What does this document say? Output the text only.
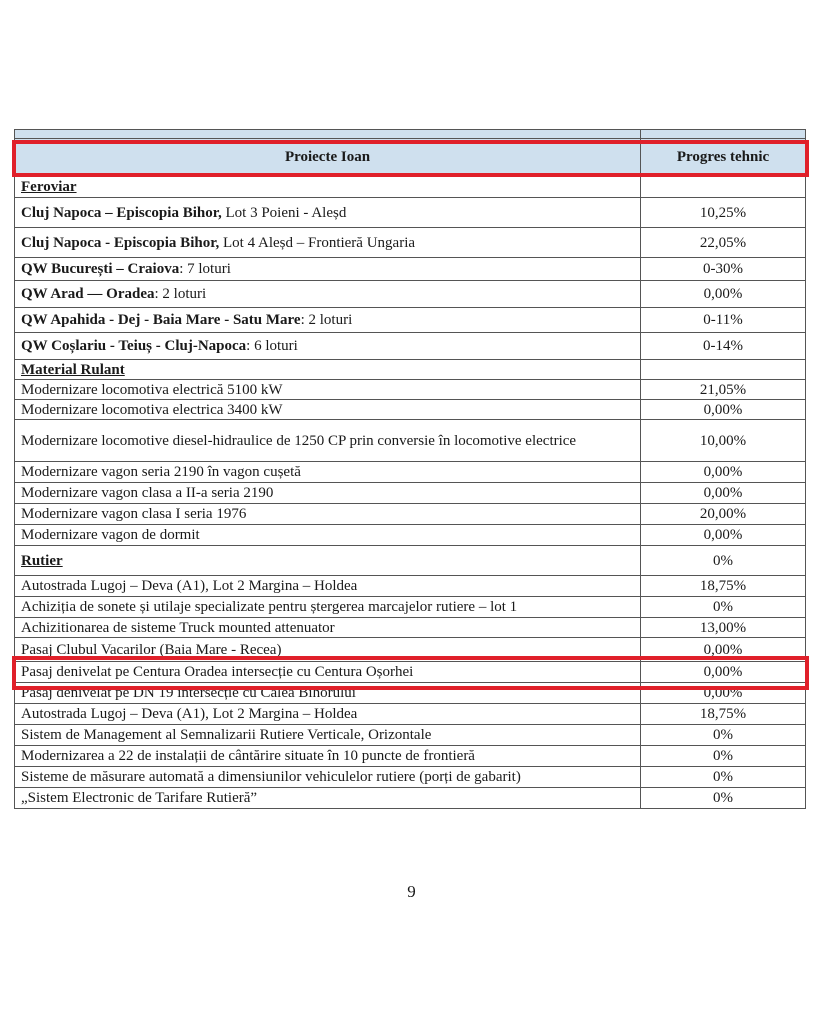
Proiecte Ioan	Progres tehnic
Feroviar	
Cluj Napoca – Episcopia Bihor, Lot 3 Poieni - Aleșd	10,25%
Cluj Napoca - Episcopia Bihor, Lot 4 Aleșd – Frontieră Ungaria	22,05%
QW București – Craiova: 7 loturi	0-30%
QW Arad — Oradea: 2 loturi	0,00%
QW Apahida - Dej - Baia Mare - Satu Mare: 2 loturi	0-11%
QW Coșlariu - Teiuș - Cluj-Napoca: 6 loturi	0-14%
Material Rulant	
Modernizare locomotiva electrică 5100 kW	21,05%
Modernizare locomotiva electrica 3400 kW	0,00%
Modernizare locomotive diesel-hidraulice de 1250 CP prin conversie în locomotive electrice	10,00%
Modernizare vagon seria 2190 în vagon cușetă	0,00%
Modernizare vagon clasa a II-a seria 2190	0,00%
Modernizare vagon clasa I seria 1976	20,00%
Modernizare vagon de dormit	0,00%
Rutier	0%
Autostrada Lugoj – Deva (A1), Lot 2 Margina – Holdea	18,75%
Achiziția de sonete și utilaje specializate pentru ștergerea marcajelor rutiere – lot 1	0%
Achizitionarea de sisteme Truck mounted attenuator	13,00%
Pasaj Clubul Vacarilor (Baia Mare - Recea)	0,00%
Pasaj denivelat pe Centura Oradea intersecție cu Centura Oșorhei	0,00%
Pasaj denivelat pe DN 19 intersecție cu Calea Bihorului	0,00%
Autostrada Lugoj – Deva (A1), Lot 2 Margina – Holdea	18,75%
Sistem de Management al Semnalizarii Rutiere Verticale, Orizontale	0%
Modernizarea a 22 de instalații de cântărire situate în 10 puncte de frontieră	0%
Sisteme de măsurare automată a dimensiunilor vehiculelor rutiere (porți de gabarit)	0%
„Sistem Electronic de Tarifare Rutieră”	0%
9
